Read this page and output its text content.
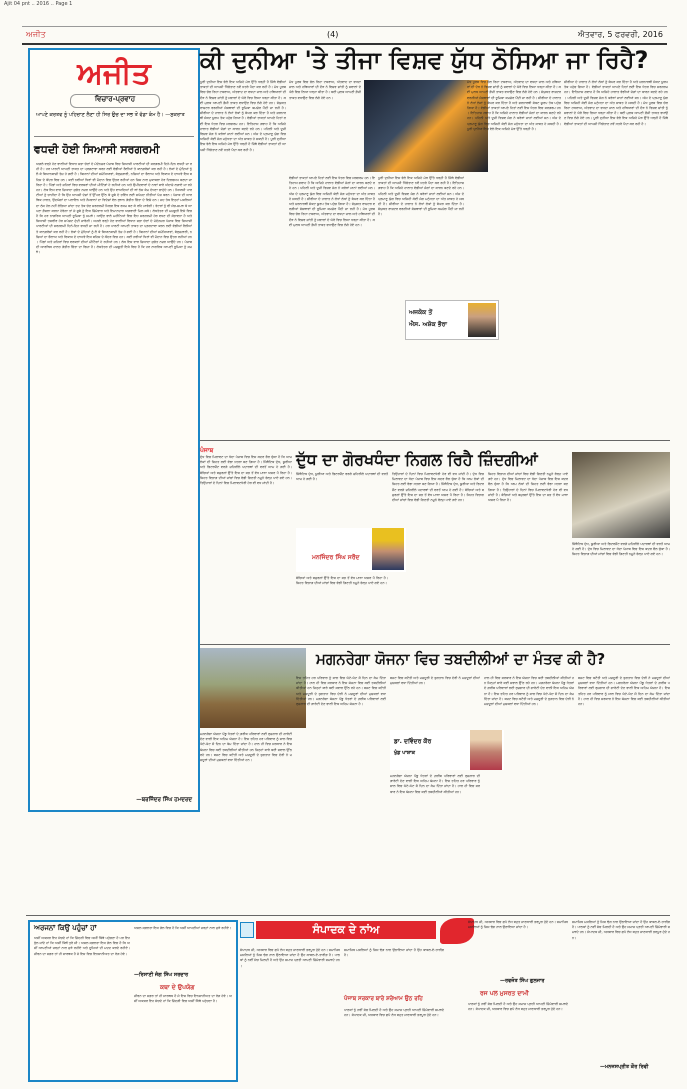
Ajit 04 pnt .. 2016 .. Page 1
ਅਜੀਤ	(4)	ਐਤਵਾਰ, 5 ਫਰਵਰੀ, 2016
ਅਜੀਤ
ਵਿਚਾਰ-ਪ੍ਰਵਾਹ
ਆਪਣੇ ਕਰਤਵ ਨੂੰ ਪਹਿਚਾਣ ਲੈਣਾ ਹੀ ਸਿਰ ਉਚ ਦਾ ਸਭ ਤੋਂ ਵੱਡਾ ਕੰਮ ਹੈ। —ਸੁਕਰਾਤ
ਵਧਦੀ ਹੋਈ ਸਿਆਸੀ ਸਰਗਰਮੀ
ਅਗਲੇ ਵਰ੍ਹੇ ਹੋਣ ਵਾਲੀਆਂ ਵਿਧਾਨ ਸਭਾ ਚੋਣਾਂ ਦੇ ਮੱਦੇਨਜ਼ਰ ਪੰਜਾਬ ਵਿਚ ਸਿਆਸੀ ਪਾਰਟੀਆਂ ਦੀ ਸਰਗਰਮੀ ਦਿਨੋ-ਦਿਨ ਵਧਦੀ ਜਾ ਰਹੀ ਹੈ। ਹਰ ਪਾਰਟੀ ਆਪਣੀ ਤਾਕਤ ਦਾ ਪ੍ਰਗਟਾਵਾ ਕਰਨ ਲਈ ਵੱਡੀਆਂ ਰੈਲੀਆਂ ਤੇ ਕਾਨਫ਼ਰੰਸਾਂ ਕਰ ਰਹੀ ਹੈ। ਲੋਕਾਂ ਦੇ ਮੁੱਦਿਆਂ ਨੂੰ ਲੈ ਕੇ ਬਿਆਨਬਾਜ਼ੀ ਤੇਜ਼ ਹੋ ਗਈ ਹੈ। ਕਿਸਾਨਾਂ ਦੀਆਂ ਸਮੱਸਿਆਵਾਂ, ਬੇਰੁਜ਼ਗਾਰੀ, ਨਸ਼ਿਆਂ ਦਾ ਫੈਲਾਅ ਅਤੇ ਵਿਕਾਸ ਦੇ ਦਾਅਵੇ ਇਸ ਬਹਿਸ ਦੇ ਕੇਂਦਰ ਵਿਚ ਹਨ। ਕਈ ਨਵੀਆਂ ਧਿਰਾਂ ਵੀ ਮੈਦਾਨ ਵਿਚ ਉਤਰ ਰਹੀਆਂ ਹਨ ਜਿਸ ਨਾਲ ਮੁਕਾਬਲਾ ਹੋਰ ਦਿਲਚਸਪ ਬਣਦਾ ਜਾ ਰਿਹਾ ਹੈ। ਪਿੰਡਾਂ ਅਤੇ ਸ਼ਹਿਰਾਂ ਵਿਚ ਵਰਕਰਾਂ ਦੀਆਂ ਮੀਟਿੰਗਾਂ ਹੋ ਰਹੀਆਂ ਹਨ ਅਤੇ ਉਮੀਦਵਾਰਾਂ ਦੇ ਨਾਵਾਂ ਬਾਰੇ ਅੰਦਾਜ਼ੇ ਲਗਾਏ ਜਾ ਰਹੇ ਹਨ। ਲੋਕ ਇਸ ਵਾਰ ਜ਼ਿਆਦਾ ਸੁਚੇਤ ਨਜ਼ਰ ਆਉਂਦੇ ਹਨ ਅਤੇ ਉਹ ਵਾਅਦਿਆਂ ਦੀ ਥਾਂ ਠੋਸ ਕੰਮ ਦੇਖਣਾ ਚਾਹੁੰਦੇ ਹਨ। ਸਿਆਸੀ ਪਾਰਟੀਆਂ ਨੂੰ ਚਾਹੀਦਾ ਹੈ ਕਿ ਉਹ ਆਪਸੀ ਦੋਸ਼ਾਂ ਤੋਂ ਉੱਪਰ ਉੱਠ ਕੇ ਸੂਬੇ ਦੇ ਭਵਿੱਖ ਲਈ ਸਪੱਸ਼ਟ ਨੀਤੀਆਂ ਪੇਸ਼ ਕਰਨ। ਪੰਜਾਬ ਦੀ ਆਰਥਿਕ ਹਾਲਤ, ਉਦਯੋਗਾਂ ਦਾ ਪਲਾਇਨ ਅਤੇ ਨੌਜਵਾਨਾਂ ਦਾ ਵਿਦੇਸ਼ਾਂ ਵੱਲ ਰੁਝਾਨ ਗੰਭੀਰ ਚਿੰਤਾ ਦੇ ਵਿਸ਼ੇ ਹਨ। ਜਦ ਤੱਕ ਇਨ੍ਹਾਂ ਮਸਲਿਆਂ ਦਾ ਠੋਸ ਹੱਲ ਨਹੀਂ ਲੱਭਿਆ ਜਾਂਦਾ ਤਦ ਤੱਕ ਚੋਣ ਸਰਗਰਮੀ ਸਿਰਫ਼ ਇਕ ਰਸਮ ਬਣ ਕੇ ਰਹਿ ਜਾਵੇਗੀ। ਵੋਟਰਾਂ ਨੂੰ ਵੀ ਸੋਚ-ਸਮਝ ਕੇ ਆਪਣਾ ਫ਼ੈਸਲਾ ਕਰਨਾ ਹੋਵੇਗਾ ਤਾਂ ਜੋ ਸੂਬੇ ਨੂੰ ਇਕ ਜ਼ਿੰਮੇਵਾਰ ਅਤੇ ਇਮਾਨਦਾਰ ਅਗਵਾਈ ਮਿਲ ਸਕੇ। ਲੋਕਤੰਤਰ ਦੀ ਮਜ਼ਬੂਤੀ ਇਸੇ ਵਿਚ ਹੈ ਕਿ ਹਰ ਨਾਗਰਿਕ ਆਪਣੀ ਭੂਮਿਕਾ ਨੂੰ ਸਮਝੇ। ਆਉਣ ਵਾਲੇ ਮਹੀਨਿਆਂ ਵਿਚ ਇਹ ਸਰਗਰਮੀ ਹੋਰ ਵਧਣ ਦੀ ਸੰਭਾਵਨਾ ਹੈ ਅਤੇ ਸਿਆਸੀ ਤਸਵੀਰ ਹੋਰ ਸਪੱਸ਼ਟ ਹੁੰਦੀ ਜਾਵੇਗੀ। ਅਗਲੇ ਵਰ੍ਹੇ ਹੋਣ ਵਾਲੀਆਂ ਵਿਧਾਨ ਸਭਾ ਚੋਣਾਂ ਦੇ ਮੱਦੇਨਜ਼ਰ ਪੰਜਾਬ ਵਿਚ ਸਿਆਸੀ ਪਾਰਟੀਆਂ ਦੀ ਸਰਗਰਮੀ ਦਿਨੋ-ਦਿਨ ਵਧਦੀ ਜਾ ਰਹੀ ਹੈ। ਹਰ ਪਾਰਟੀ ਆਪਣੀ ਤਾਕਤ ਦਾ ਪ੍ਰਗਟਾਵਾ ਕਰਨ ਲਈ ਵੱਡੀਆਂ ਰੈਲੀਆਂ ਤੇ ਕਾਨਫ਼ਰੰਸਾਂ ਕਰ ਰਹੀ ਹੈ। ਲੋਕਾਂ ਦੇ ਮੁੱਦਿਆਂ ਨੂੰ ਲੈ ਕੇ ਬਿਆਨਬਾਜ਼ੀ ਤੇਜ਼ ਹੋ ਗਈ ਹੈ। ਕਿਸਾਨਾਂ ਦੀਆਂ ਸਮੱਸਿਆਵਾਂ, ਬੇਰੁਜ਼ਗਾਰੀ, ਨਸ਼ਿਆਂ ਦਾ ਫੈਲਾਅ ਅਤੇ ਵਿਕਾਸ ਦੇ ਦਾਅਵੇ ਇਸ ਬਹਿਸ ਦੇ ਕੇਂਦਰ ਵਿਚ ਹਨ। ਕਈ ਨਵੀਆਂ ਧਿਰਾਂ ਵੀ ਮੈਦਾਨ ਵਿਚ ਉਤਰ ਰਹੀਆਂ ਹਨ। ਪਿੰਡਾਂ ਅਤੇ ਸ਼ਹਿਰਾਂ ਵਿਚ ਵਰਕਰਾਂ ਦੀਆਂ ਮੀਟਿੰਗਾਂ ਹੋ ਰਹੀਆਂ ਹਨ। ਲੋਕ ਇਸ ਵਾਰ ਜ਼ਿਆਦਾ ਸੁਚੇਤ ਨਜ਼ਰ ਆਉਂਦੇ ਹਨ। ਪੰਜਾਬ ਦੀ ਆਰਥਿਕ ਹਾਲਤ ਗੰਭੀਰ ਚਿੰਤਾ ਦਾ ਵਿਸ਼ਾ ਹੈ। ਲੋਕਤੰਤਰ ਦੀ ਮਜ਼ਬੂਤੀ ਇਸੇ ਵਿਚ ਹੈ ਕਿ ਹਰ ਨਾਗਰਿਕ ਆਪਣੀ ਭੂਮਿਕਾ ਨੂੰ ਸਮਝੇ।
—ਬਰਜਿੰਦਰ ਸਿੰਘ ਹਮਦਰਦ
ਕੀ ਦੁਨੀਆ 'ਤੇ ਤੀਜਾ ਵਿਸ਼ਵ ਯੁੱਧ ਠੋਸਿਆ ਜਾ ਰਿਹੈ?
ਪੂਰੀ ਦੁਨੀਆ ਇਸ ਵੇਲੇ ਇਕ ਅਜਿਹੇ ਮੋੜ ਉੱਤੇ ਖੜ੍ਹੀ ਹੈ ਜਿੱਥੇ ਵੱਡੀਆਂ ਤਾਕਤਾਂ ਦੀ ਆਪਸੀ ਖਿੱਚੋਤਾਣ ਨਵੇਂ ਖ਼ਤਰੇ ਪੈਦਾ ਕਰ ਰਹੀ ਹੈ। ਮੱਧ ਪੂਰਬ ਵਿਚ ਚੱਲ ਰਿਹਾ ਟਕਰਾਅ, ਅੱਤਵਾਦ ਦਾ ਵਧਦਾ ਜਾਲ ਅਤੇ ਹਥਿਆਰਾਂ ਦੀ ਦੌੜ ਨੇ ਵਿਸ਼ਵ ਸ਼ਾਂਤੀ ਨੂੰ ਸਵਾਲਾਂ ਦੇ ਘੇਰੇ ਵਿਚ ਲਿਆ ਖੜ੍ਹਾ ਕੀਤਾ ਹੈ। ਕਈ ਮੁਲਕ ਆਪਣੀ ਫ਼ੌਜੀ ਤਾਕਤ ਵਧਾਉਣ ਵਿਚ ਲੱਗੇ ਹੋਏ ਹਨ। ਸੰਯੁਕਤ ਰਾਸ਼ਟਰ ਵਰਗੀਆਂ ਸੰਸਥਾਵਾਂ ਦੀ ਭੂਮਿਕਾ ਕਮਜ਼ੋਰ ਪੈਂਦੀ ਜਾ ਰਹੀ ਹੈ। ਸੀਰੀਆ ਦੇ ਹਾਲਾਤ ਨੇ ਲੱਖਾਂ ਲੋਕਾਂ ਨੂੰ ਬੇਘਰ ਕਰ ਦਿੱਤਾ ਹੈ ਅਤੇ ਸ਼ਰਨਾਰਥੀ ਸੰਕਟ ਯੂਰਪ ਤੱਕ ਪਹੁੰਚ ਗਿਆ ਹੈ। ਵੱਡੀਆਂ ਤਾਕਤਾਂ ਆਪਣੇ ਹਿਤਾਂ ਲਈ ਇਸ ਖੇਤਰ ਵਿਚ ਸਰਗਰਮ ਹਨ। ਇਤਿਹਾਸ ਗਵਾਹ ਹੈ ਕਿ ਅਜਿਹੇ ਹਾਲਾਤ ਵੱਡੀਆਂ ਜੰਗਾਂ ਦਾ ਕਾਰਨ ਬਣਦੇ ਰਹੇ ਹਨ। ਪਹਿਲੀ ਅਤੇ ਦੂਜੀ ਵਿਸ਼ਵ ਜੰਗ ਨੇ ਕਰੋੜਾਂ ਜਾਨਾਂ ਲਈਆਂ ਸਨ। ਅੱਜ ਦੇ ਪ੍ਰਮਾਣੂ ਯੁੱਗ ਵਿਚ ਅਜਿਹੀ ਕੋਈ ਜੰਗ ਮਨੁੱਖਤਾ ਦਾ ਅੰਤ ਸਾਬਤ ਹੋ ਸਕਦੀ ਹੈ। ਪੂਰੀ ਦੁਨੀਆ ਇਸ ਵੇਲੇ ਇਕ ਅਜਿਹੇ ਮੋੜ ਉੱਤੇ ਖੜ੍ਹੀ ਹੈ ਜਿੱਥੇ ਵੱਡੀਆਂ ਤਾਕਤਾਂ ਦੀ ਆਪਸੀ ਖਿੱਚੋਤਾਣ ਨਵੇਂ ਖ਼ਤਰੇ ਪੈਦਾ ਕਰ ਰਹੀ ਹੈ।
ਮੱਧ ਪੂਰਬ ਵਿਚ ਚੱਲ ਰਿਹਾ ਟਕਰਾਅ, ਅੱਤਵਾਦ ਦਾ ਵਧਦਾ ਜਾਲ ਅਤੇ ਹਥਿਆਰਾਂ ਦੀ ਦੌੜ ਨੇ ਵਿਸ਼ਵ ਸ਼ਾਂਤੀ ਨੂੰ ਸਵਾਲਾਂ ਦੇ ਘੇਰੇ ਵਿਚ ਲਿਆ ਖੜ੍ਹਾ ਕੀਤਾ ਹੈ। ਕਈ ਮੁਲਕ ਆਪਣੀ ਫ਼ੌਜੀ ਤਾਕਤ ਵਧਾਉਣ ਵਿਚ ਲੱਗੇ ਹੋਏ ਹਨ।
ਵੱਡੀਆਂ ਤਾਕਤਾਂ ਆਪਣੇ ਹਿਤਾਂ ਲਈ ਇਸ ਖੇਤਰ ਵਿਚ ਸਰਗਰਮ ਹਨ। ਇਤਿਹਾਸ ਗਵਾਹ ਹੈ ਕਿ ਅਜਿਹੇ ਹਾਲਾਤ ਵੱਡੀਆਂ ਜੰਗਾਂ ਦਾ ਕਾਰਨ ਬਣਦੇ ਰਹੇ ਹਨ। ਪਹਿਲੀ ਅਤੇ ਦੂਜੀ ਵਿਸ਼ਵ ਜੰਗ ਨੇ ਕਰੋੜਾਂ ਜਾਨਾਂ ਲਈਆਂ ਸਨ। ਅੱਜ ਦੇ ਪ੍ਰਮਾਣੂ ਯੁੱਗ ਵਿਚ ਅਜਿਹੀ ਕੋਈ ਜੰਗ ਮਨੁੱਖਤਾ ਦਾ ਅੰਤ ਸਾਬਤ ਹੋ ਸਕਦੀ ਹੈ। ਸੀਰੀਆ ਦੇ ਹਾਲਾਤ ਨੇ ਲੱਖਾਂ ਲੋਕਾਂ ਨੂੰ ਬੇਘਰ ਕਰ ਦਿੱਤਾ ਹੈ ਅਤੇ ਸ਼ਰਨਾਰਥੀ ਸੰਕਟ ਯੂਰਪ ਤੱਕ ਪਹੁੰਚ ਗਿਆ ਹੈ। ਸੰਯੁਕਤ ਰਾਸ਼ਟਰ ਵਰਗੀਆਂ ਸੰਸਥਾਵਾਂ ਦੀ ਭੂਮਿਕਾ ਕਮਜ਼ੋਰ ਪੈਂਦੀ ਜਾ ਰਹੀ ਹੈ। ਮੱਧ ਪੂਰਬ ਵਿਚ ਚੱਲ ਰਿਹਾ ਟਕਰਾਅ, ਅੱਤਵਾਦ ਦਾ ਵਧਦਾ ਜਾਲ ਅਤੇ ਹਥਿਆਰਾਂ ਦੀ ਦੌੜ ਨੇ ਵਿਸ਼ਵ ਸ਼ਾਂਤੀ ਨੂੰ ਸਵਾਲਾਂ ਦੇ ਘੇਰੇ ਵਿਚ ਲਿਆ ਖੜ੍ਹਾ ਕੀਤਾ ਹੈ। ਕਈ ਮੁਲਕ ਆਪਣੀ ਫ਼ੌਜੀ ਤਾਕਤ ਵਧਾਉਣ ਵਿਚ ਲੱਗੇ ਹੋਏ ਹਨ।
ਪੂਰੀ ਦੁਨੀਆ ਇਸ ਵੇਲੇ ਇਕ ਅਜਿਹੇ ਮੋੜ ਉੱਤੇ ਖੜ੍ਹੀ ਹੈ ਜਿੱਥੇ ਵੱਡੀਆਂ ਤਾਕਤਾਂ ਦੀ ਆਪਸੀ ਖਿੱਚੋਤਾਣ ਨਵੇਂ ਖ਼ਤਰੇ ਪੈਦਾ ਕਰ ਰਹੀ ਹੈ। ਇਤਿਹਾਸ ਗਵਾਹ ਹੈ ਕਿ ਅਜਿਹੇ ਹਾਲਾਤ ਵੱਡੀਆਂ ਜੰਗਾਂ ਦਾ ਕਾਰਨ ਬਣਦੇ ਰਹੇ ਹਨ। ਪਹਿਲੀ ਅਤੇ ਦੂਜੀ ਵਿਸ਼ਵ ਜੰਗ ਨੇ ਕਰੋੜਾਂ ਜਾਨਾਂ ਲਈਆਂ ਸਨ। ਅੱਜ ਦੇ ਪ੍ਰਮਾਣੂ ਯੁੱਗ ਵਿਚ ਅਜਿਹੀ ਕੋਈ ਜੰਗ ਮਨੁੱਖਤਾ ਦਾ ਅੰਤ ਸਾਬਤ ਹੋ ਸਕਦੀ ਹੈ। ਸੀਰੀਆ ਦੇ ਹਾਲਾਤ ਨੇ ਲੱਖਾਂ ਲੋਕਾਂ ਨੂੰ ਬੇਘਰ ਕਰ ਦਿੱਤਾ ਹੈ। ਸੰਯੁਕਤ ਰਾਸ਼ਟਰ ਵਰਗੀਆਂ ਸੰਸਥਾਵਾਂ ਦੀ ਭੂਮਿਕਾ ਕਮਜ਼ੋਰ ਪੈਂਦੀ ਜਾ ਰਹੀ ਹੈ।
ਅਜਕੋਕ ਤੋਂ
ਐਸ. ਅਸ਼ੋਕ ਭੌਰਾ
ਮੱਧ ਪੂਰਬ ਵਿਚ ਚੱਲ ਰਿਹਾ ਟਕਰਾਅ, ਅੱਤਵਾਦ ਦਾ ਵਧਦਾ ਜਾਲ ਅਤੇ ਹਥਿਆਰਾਂ ਦੀ ਦੌੜ ਨੇ ਵਿਸ਼ਵ ਸ਼ਾਂਤੀ ਨੂੰ ਸਵਾਲਾਂ ਦੇ ਘੇਰੇ ਵਿਚ ਲਿਆ ਖੜ੍ਹਾ ਕੀਤਾ ਹੈ। ਕਈ ਮੁਲਕ ਆਪਣੀ ਫ਼ੌਜੀ ਤਾਕਤ ਵਧਾਉਣ ਵਿਚ ਲੱਗੇ ਹੋਏ ਹਨ। ਸੰਯੁਕਤ ਰਾਸ਼ਟਰ ਵਰਗੀਆਂ ਸੰਸਥਾਵਾਂ ਦੀ ਭੂਮਿਕਾ ਕਮਜ਼ੋਰ ਪੈਂਦੀ ਜਾ ਰਹੀ ਹੈ। ਸੀਰੀਆ ਦੇ ਹਾਲਾਤ ਨੇ ਲੱਖਾਂ ਲੋਕਾਂ ਨੂੰ ਬੇਘਰ ਕਰ ਦਿੱਤਾ ਹੈ ਅਤੇ ਸ਼ਰਨਾਰਥੀ ਸੰਕਟ ਯੂਰਪ ਤੱਕ ਪਹੁੰਚ ਗਿਆ ਹੈ। ਵੱਡੀਆਂ ਤਾਕਤਾਂ ਆਪਣੇ ਹਿਤਾਂ ਲਈ ਇਸ ਖੇਤਰ ਵਿਚ ਸਰਗਰਮ ਹਨ। ਇਤਿਹਾਸ ਗਵਾਹ ਹੈ ਕਿ ਅਜਿਹੇ ਹਾਲਾਤ ਵੱਡੀਆਂ ਜੰਗਾਂ ਦਾ ਕਾਰਨ ਬਣਦੇ ਰਹੇ ਹਨ। ਪਹਿਲੀ ਅਤੇ ਦੂਜੀ ਵਿਸ਼ਵ ਜੰਗ ਨੇ ਕਰੋੜਾਂ ਜਾਨਾਂ ਲਈਆਂ ਸਨ। ਅੱਜ ਦੇ ਪ੍ਰਮਾਣੂ ਯੁੱਗ ਵਿਚ ਅਜਿਹੀ ਕੋਈ ਜੰਗ ਮਨੁੱਖਤਾ ਦਾ ਅੰਤ ਸਾਬਤ ਹੋ ਸਕਦੀ ਹੈ। ਪੂਰੀ ਦੁਨੀਆ ਇਸ ਵੇਲੇ ਇਕ ਅਜਿਹੇ ਮੋੜ ਉੱਤੇ ਖੜ੍ਹੀ ਹੈ।
ਸੀਰੀਆ ਦੇ ਹਾਲਾਤ ਨੇ ਲੱਖਾਂ ਲੋਕਾਂ ਨੂੰ ਬੇਘਰ ਕਰ ਦਿੱਤਾ ਹੈ ਅਤੇ ਸ਼ਰਨਾਰਥੀ ਸੰਕਟ ਯੂਰਪ ਤੱਕ ਪਹੁੰਚ ਗਿਆ ਹੈ। ਵੱਡੀਆਂ ਤਾਕਤਾਂ ਆਪਣੇ ਹਿਤਾਂ ਲਈ ਇਸ ਖੇਤਰ ਵਿਚ ਸਰਗਰਮ ਹਨ। ਇਤਿਹਾਸ ਗਵਾਹ ਹੈ ਕਿ ਅਜਿਹੇ ਹਾਲਾਤ ਵੱਡੀਆਂ ਜੰਗਾਂ ਦਾ ਕਾਰਨ ਬਣਦੇ ਰਹੇ ਹਨ। ਪਹਿਲੀ ਅਤੇ ਦੂਜੀ ਵਿਸ਼ਵ ਜੰਗ ਨੇ ਕਰੋੜਾਂ ਜਾਨਾਂ ਲਈਆਂ ਸਨ। ਅੱਜ ਦੇ ਪ੍ਰਮਾਣੂ ਯੁੱਗ ਵਿਚ ਅਜਿਹੀ ਕੋਈ ਜੰਗ ਮਨੁੱਖਤਾ ਦਾ ਅੰਤ ਸਾਬਤ ਹੋ ਸਕਦੀ ਹੈ। ਮੱਧ ਪੂਰਬ ਵਿਚ ਚੱਲ ਰਿਹਾ ਟਕਰਾਅ, ਅੱਤਵਾਦ ਦਾ ਵਧਦਾ ਜਾਲ ਅਤੇ ਹਥਿਆਰਾਂ ਦੀ ਦੌੜ ਨੇ ਵਿਸ਼ਵ ਸ਼ਾਂਤੀ ਨੂੰ ਸਵਾਲਾਂ ਦੇ ਘੇਰੇ ਵਿਚ ਲਿਆ ਖੜ੍ਹਾ ਕੀਤਾ ਹੈ। ਕਈ ਮੁਲਕ ਆਪਣੀ ਫ਼ੌਜੀ ਤਾਕਤ ਵਧਾਉਣ ਵਿਚ ਲੱਗੇ ਹੋਏ ਹਨ। ਪੂਰੀ ਦੁਨੀਆ ਇਸ ਵੇਲੇ ਇਕ ਅਜਿਹੇ ਮੋੜ ਉੱਤੇ ਖੜ੍ਹੀ ਹੈ ਜਿੱਥੇ ਵੱਡੀਆਂ ਤਾਕਤਾਂ ਦੀ ਆਪਸੀ ਖਿੱਚੋਤਾਣ ਨਵੇਂ ਖ਼ਤਰੇ ਪੈਦਾ ਕਰ ਰਹੀ ਹੈ।
ਪੰਜਾਬ	ਦੁੱਧ ਦਾ ਗੋਰਖਧੰਦਾ ਨਿਗਲ ਰਿਹੈ ਜ਼ਿੰਦਗੀਆਂ
ਦੁੱਧ ਵਿਚ ਮਿਲਾਵਟ ਦਾ ਧੰਦਾ ਪੰਜਾਬ ਵਿਚ ਇਸ ਕਦਰ ਫੈਲ ਚੁੱਕਾ ਹੈ ਕਿ ਆਮ ਲੋਕਾਂ ਦੀ ਸਿਹਤ ਲਈ ਵੱਡਾ ਖ਼ਤਰਾ ਬਣ ਗਿਆ ਹੈ। ਸਿੰਥੈਟਿਕ ਦੁੱਧ, ਯੂਰੀਆ ਅਤੇ ਡਿਟਰਜੈਂਟ ਵਰਗੇ ਜ਼ਹਿਰੀਲੇ ਪਦਾਰਥਾਂ ਦੀ ਵਰਤੋਂ ਆਮ ਹੋ ਗਈ ਹੈ। ਬੱਚਿਆਂ ਅਤੇ ਬਜ਼ੁਰਗਾਂ ਉੱਤੇ ਇਸ ਦਾ ਸਭ ਤੋਂ ਵੱਧ ਮਾੜਾ ਅਸਰ ਪੈ ਰਿਹਾ ਹੈ। ਸਿਹਤ ਵਿਭਾਗ ਦੀਆਂ ਜਾਂਚਾਂ ਵਿਚ ਵੱਡੀ ਗਿਣਤੀ ਨਮੂਨੇ ਫੇਲ੍ਹ ਪਾਏ ਗਏ ਹਨ। ਤਿਉਹਾਰਾਂ ਦੇ ਦਿਨਾਂ ਵਿਚ ਮਿਲਾਵਟਖੋਰੀ ਹੋਰ ਵੀ ਵਧ ਜਾਂਦੀ ਹੈ।
ਸਿੰਥੈਟਿਕ ਦੁੱਧ, ਯੂਰੀਆ ਅਤੇ ਡਿਟਰਜੈਂਟ ਵਰਗੇ ਜ਼ਹਿਰੀਲੇ ਪਦਾਰਥਾਂ ਦੀ ਵਰਤੋਂ ਆਮ ਹੋ ਗਈ ਹੈ।
ਮਨਜਿੰਦਰ ਸਿੰਘ ਸਰੌਦ
ਬੱਚਿਆਂ ਅਤੇ ਬਜ਼ੁਰਗਾਂ ਉੱਤੇ ਇਸ ਦਾ ਸਭ ਤੋਂ ਵੱਧ ਮਾੜਾ ਅਸਰ ਪੈ ਰਿਹਾ ਹੈ। ਸਿਹਤ ਵਿਭਾਗ ਦੀਆਂ ਜਾਂਚਾਂ ਵਿਚ ਵੱਡੀ ਗਿਣਤੀ ਨਮੂਨੇ ਫੇਲ੍ਹ ਪਾਏ ਗਏ ਹਨ।
ਤਿਉਹਾਰਾਂ ਦੇ ਦਿਨਾਂ ਵਿਚ ਮਿਲਾਵਟਖੋਰੀ ਹੋਰ ਵੀ ਵਧ ਜਾਂਦੀ ਹੈ। ਦੁੱਧ ਵਿਚ ਮਿਲਾਵਟ ਦਾ ਧੰਦਾ ਪੰਜਾਬ ਵਿਚ ਇਸ ਕਦਰ ਫੈਲ ਚੁੱਕਾ ਹੈ ਕਿ ਆਮ ਲੋਕਾਂ ਦੀ ਸਿਹਤ ਲਈ ਵੱਡਾ ਖ਼ਤਰਾ ਬਣ ਗਿਆ ਹੈ। ਸਿੰਥੈਟਿਕ ਦੁੱਧ, ਯੂਰੀਆ ਅਤੇ ਡਿਟਰਜੈਂਟ ਵਰਗੇ ਜ਼ਹਿਰੀਲੇ ਪਦਾਰਥਾਂ ਦੀ ਵਰਤੋਂ ਆਮ ਹੋ ਗਈ ਹੈ। ਬੱਚਿਆਂ ਅਤੇ ਬਜ਼ੁਰਗਾਂ ਉੱਤੇ ਇਸ ਦਾ ਸਭ ਤੋਂ ਵੱਧ ਮਾੜਾ ਅਸਰ ਪੈ ਰਿਹਾ ਹੈ। ਸਿਹਤ ਵਿਭਾਗ ਦੀਆਂ ਜਾਂਚਾਂ ਵਿਚ ਵੱਡੀ ਗਿਣਤੀ ਨਮੂਨੇ ਫੇਲ੍ਹ ਪਾਏ ਗਏ ਹਨ।
ਸਿਹਤ ਵਿਭਾਗ ਦੀਆਂ ਜਾਂਚਾਂ ਵਿਚ ਵੱਡੀ ਗਿਣਤੀ ਨਮੂਨੇ ਫੇਲ੍ਹ ਪਾਏ ਗਏ ਹਨ। ਦੁੱਧ ਵਿਚ ਮਿਲਾਵਟ ਦਾ ਧੰਦਾ ਪੰਜਾਬ ਵਿਚ ਇਸ ਕਦਰ ਫੈਲ ਚੁੱਕਾ ਹੈ ਕਿ ਆਮ ਲੋਕਾਂ ਦੀ ਸਿਹਤ ਲਈ ਵੱਡਾ ਖ਼ਤਰਾ ਬਣ ਗਿਆ ਹੈ। ਤਿਉਹਾਰਾਂ ਦੇ ਦਿਨਾਂ ਵਿਚ ਮਿਲਾਵਟਖੋਰੀ ਹੋਰ ਵੀ ਵਧ ਜਾਂਦੀ ਹੈ। ਬੱਚਿਆਂ ਅਤੇ ਬਜ਼ੁਰਗਾਂ ਉੱਤੇ ਇਸ ਦਾ ਸਭ ਤੋਂ ਵੱਧ ਮਾੜਾ ਅਸਰ ਪੈ ਰਿਹਾ ਹੈ।
ਸਿੰਥੈਟਿਕ ਦੁੱਧ, ਯੂਰੀਆ ਅਤੇ ਡਿਟਰਜੈਂਟ ਵਰਗੇ ਜ਼ਹਿਰੀਲੇ ਪਦਾਰਥਾਂ ਦੀ ਵਰਤੋਂ ਆਮ ਹੋ ਗਈ ਹੈ। ਦੁੱਧ ਵਿਚ ਮਿਲਾਵਟ ਦਾ ਧੰਦਾ ਪੰਜਾਬ ਵਿਚ ਇਸ ਕਦਰ ਫੈਲ ਚੁੱਕਾ ਹੈ। ਸਿਹਤ ਵਿਭਾਗ ਦੀਆਂ ਜਾਂਚਾਂ ਵਿਚ ਵੱਡੀ ਗਿਣਤੀ ਨਮੂਨੇ ਫੇਲ੍ਹ ਪਾਏ ਗਏ ਹਨ।
ਮਗਨਰੇਗਾ ਯੋਜਨਾ ਵਿਚ ਤਬਦੀਲੀਆਂ ਦਾ ਮੰਤਵ ਕੀ ਹੈ?
ਮਗਨਰੇਗਾ ਯੋਜਨਾ ਪੇਂਡੂ ਖੇਤਰਾਂ ਦੇ ਗ਼ਰੀਬ ਪਰਿਵਾਰਾਂ ਲਈ ਰੁਜ਼ਗਾਰ ਦੀ ਗਾਰੰਟੀ ਦੇਣ ਵਾਲੀ ਇਕ ਅਹਿਮ ਯੋਜਨਾ ਹੈ। ਇਸ ਤਹਿਤ ਹਰ ਪਰਿਵਾਰ ਨੂੰ ਸਾਲ ਵਿਚ ਘੱਟੋ-ਘੱਟ ਸੌ ਦਿਨ ਦਾ ਕੰਮ ਦਿੱਤਾ ਜਾਂਦਾ ਹੈ। ਹਾਲ ਹੀ ਵਿਚ ਸਰਕਾਰ ਨੇ ਇਸ ਯੋਜਨਾ ਵਿਚ ਕਈ ਤਬਦੀਲੀਆਂ ਕੀਤੀਆਂ ਹਨ ਜਿਨ੍ਹਾਂ ਬਾਰੇ ਕਈ ਸਵਾਲ ਉੱਠ ਰਹੇ ਹਨ। ਬਜਟ ਵਿਚ ਕਟੌਤੀ ਅਤੇ ਮਜ਼ਦੂਰੀ ਦੇ ਭੁਗਤਾਨ ਵਿਚ ਦੇਰੀ ਨੇ ਮਜ਼ਦੂਰਾਂ ਦੀਆਂ ਮੁਸ਼ਕਲਾਂ ਵਧਾ ਦਿੱਤੀਆਂ ਹਨ।
ਇਸ ਤਹਿਤ ਹਰ ਪਰਿਵਾਰ ਨੂੰ ਸਾਲ ਵਿਚ ਘੱਟੋ-ਘੱਟ ਸੌ ਦਿਨ ਦਾ ਕੰਮ ਦਿੱਤਾ ਜਾਂਦਾ ਹੈ। ਹਾਲ ਹੀ ਵਿਚ ਸਰਕਾਰ ਨੇ ਇਸ ਯੋਜਨਾ ਵਿਚ ਕਈ ਤਬਦੀਲੀਆਂ ਕੀਤੀਆਂ ਹਨ ਜਿਨ੍ਹਾਂ ਬਾਰੇ ਕਈ ਸਵਾਲ ਉੱਠ ਰਹੇ ਹਨ। ਬਜਟ ਵਿਚ ਕਟੌਤੀ ਅਤੇ ਮਜ਼ਦੂਰੀ ਦੇ ਭੁਗਤਾਨ ਵਿਚ ਦੇਰੀ ਨੇ ਮਜ਼ਦੂਰਾਂ ਦੀਆਂ ਮੁਸ਼ਕਲਾਂ ਵਧਾ ਦਿੱਤੀਆਂ ਹਨ। ਮਗਨਰੇਗਾ ਯੋਜਨਾ ਪੇਂਡੂ ਖੇਤਰਾਂ ਦੇ ਗ਼ਰੀਬ ਪਰਿਵਾਰਾਂ ਲਈ ਰੁਜ਼ਗਾਰ ਦੀ ਗਾਰੰਟੀ ਦੇਣ ਵਾਲੀ ਇਕ ਅਹਿਮ ਯੋਜਨਾ ਹੈ।
ਬਜਟ ਵਿਚ ਕਟੌਤੀ ਅਤੇ ਮਜ਼ਦੂਰੀ ਦੇ ਭੁਗਤਾਨ ਵਿਚ ਦੇਰੀ ਨੇ ਮਜ਼ਦੂਰਾਂ ਦੀਆਂ ਮੁਸ਼ਕਲਾਂ ਵਧਾ ਦਿੱਤੀਆਂ ਹਨ।
ਡਾ. ਦਵਿੰਦਰ ਕੌਰ
ਖੁੰਡ ਪਾਸ਼ਾਕ
ਮਗਨਰੇਗਾ ਯੋਜਨਾ ਪੇਂਡੂ ਖੇਤਰਾਂ ਦੇ ਗ਼ਰੀਬ ਪਰਿਵਾਰਾਂ ਲਈ ਰੁਜ਼ਗਾਰ ਦੀ ਗਾਰੰਟੀ ਦੇਣ ਵਾਲੀ ਇਕ ਅਹਿਮ ਯੋਜਨਾ ਹੈ। ਇਸ ਤਹਿਤ ਹਰ ਪਰਿਵਾਰ ਨੂੰ ਸਾਲ ਵਿਚ ਘੱਟੋ-ਘੱਟ ਸੌ ਦਿਨ ਦਾ ਕੰਮ ਦਿੱਤਾ ਜਾਂਦਾ ਹੈ। ਹਾਲ ਹੀ ਵਿਚ ਸਰਕਾਰ ਨੇ ਇਸ ਯੋਜਨਾ ਵਿਚ ਕਈ ਤਬਦੀਲੀਆਂ ਕੀਤੀਆਂ ਹਨ।
ਹਾਲ ਹੀ ਵਿਚ ਸਰਕਾਰ ਨੇ ਇਸ ਯੋਜਨਾ ਵਿਚ ਕਈ ਤਬਦੀਲੀਆਂ ਕੀਤੀਆਂ ਹਨ ਜਿਨ੍ਹਾਂ ਬਾਰੇ ਕਈ ਸਵਾਲ ਉੱਠ ਰਹੇ ਹਨ। ਮਗਨਰੇਗਾ ਯੋਜਨਾ ਪੇਂਡੂ ਖੇਤਰਾਂ ਦੇ ਗ਼ਰੀਬ ਪਰਿਵਾਰਾਂ ਲਈ ਰੁਜ਼ਗਾਰ ਦੀ ਗਾਰੰਟੀ ਦੇਣ ਵਾਲੀ ਇਕ ਅਹਿਮ ਯੋਜਨਾ ਹੈ। ਇਸ ਤਹਿਤ ਹਰ ਪਰਿਵਾਰ ਨੂੰ ਸਾਲ ਵਿਚ ਘੱਟੋ-ਘੱਟ ਸੌ ਦਿਨ ਦਾ ਕੰਮ ਦਿੱਤਾ ਜਾਂਦਾ ਹੈ। ਬਜਟ ਵਿਚ ਕਟੌਤੀ ਅਤੇ ਮਜ਼ਦੂਰੀ ਦੇ ਭੁਗਤਾਨ ਵਿਚ ਦੇਰੀ ਨੇ ਮਜ਼ਦੂਰਾਂ ਦੀਆਂ ਮੁਸ਼ਕਲਾਂ ਵਧਾ ਦਿੱਤੀਆਂ ਹਨ।
ਬਜਟ ਵਿਚ ਕਟੌਤੀ ਅਤੇ ਮਜ਼ਦੂਰੀ ਦੇ ਭੁਗਤਾਨ ਵਿਚ ਦੇਰੀ ਨੇ ਮਜ਼ਦੂਰਾਂ ਦੀਆਂ ਮੁਸ਼ਕਲਾਂ ਵਧਾ ਦਿੱਤੀਆਂ ਹਨ। ਮਗਨਰੇਗਾ ਯੋਜਨਾ ਪੇਂਡੂ ਖੇਤਰਾਂ ਦੇ ਗ਼ਰੀਬ ਪਰਿਵਾਰਾਂ ਲਈ ਰੁਜ਼ਗਾਰ ਦੀ ਗਾਰੰਟੀ ਦੇਣ ਵਾਲੀ ਇਕ ਅਹਿਮ ਯੋਜਨਾ ਹੈ। ਇਸ ਤਹਿਤ ਹਰ ਪਰਿਵਾਰ ਨੂੰ ਸਾਲ ਵਿਚ ਘੱਟੋ-ਘੱਟ ਸੌ ਦਿਨ ਦਾ ਕੰਮ ਦਿੱਤਾ ਜਾਂਦਾ ਹੈ। ਹਾਲ ਹੀ ਵਿਚ ਸਰਕਾਰ ਨੇ ਇਸ ਯੋਜਨਾ ਵਿਚ ਕਈ ਤਬਦੀਲੀਆਂ ਕੀਤੀਆਂ ਹਨ।
ਅਰਜਨਾਂ ਕਿਉਂ ਪਹੁੰਚਾਂ ਹਾਂ
ਅਸੀਂ ਅਕਸਰ ਇਹ ਸੋਚਦੇ ਹਾਂ ਕਿ ਜ਼ਿੰਦਗੀ ਵਿਚ ਅਸੀਂ ਕਿੱਥੇ ਪਹੁੰਚਣਾ ਹੈ ਪਰ ਇਹ ਭੁੱਲ ਜਾਂਦੇ ਹਾਂ ਕਿ ਅਸੀਂ ਕਿੱਥੋਂ ਤੁਰੇ ਸੀ। ਅਸਲ ਸਫ਼ਲਤਾ ਇਸ ਗੱਲ ਵਿਚ ਹੈ ਕਿ ਅਸੀਂ ਆਪਣੀਆਂ ਜੜ੍ਹਾਂ ਨਾਲ ਜੁੜੇ ਰਹੀਏ ਅਤੇ ਦੂਜਿਆਂ ਦੀ ਮਦਦ ਕਰਦੇ ਰਹੀਏ। ਜੀਵਨ ਦਾ ਸਫ਼ਰ ਤਾਂ ਹੀ ਸਾਰਥਕ ਹੈ ਜੇ ਇਸ ਵਿਚ ਇਨਸਾਨੀਅਤ ਦਾ ਰੰਗ ਹੋਵੇ।
ਅਸਲ ਸਫ਼ਲਤਾ ਇਸ ਗੱਲ ਵਿਚ ਹੈ ਕਿ ਅਸੀਂ ਆਪਣੀਆਂ ਜੜ੍ਹਾਂ ਨਾਲ ਜੁੜੇ ਰਹੀਏ।
—ਰਿਸਾਣੀ ਜੰਗ ਸਿੰਘ ਸਰਦਾਰ
ਕਥਾ ਦੇ ਉਪਯੋਗ
ਜੀਵਨ ਦਾ ਸਫ਼ਰ ਤਾਂ ਹੀ ਸਾਰਥਕ ਹੈ ਜੇ ਇਸ ਵਿਚ ਇਨਸਾਨੀਅਤ ਦਾ ਰੰਗ ਹੋਵੇ। ਅਸੀਂ ਅਕਸਰ ਇਹ ਸੋਚਦੇ ਹਾਂ ਕਿ ਜ਼ਿੰਦਗੀ ਵਿਚ ਅਸੀਂ ਕਿੱਥੇ ਪਹੁੰਚਣਾ ਹੈ।
ਸੰਪਾਦਕ ਦੇ ਨਾਂਅ
ਸੰਪਾਦਕ ਜੀ, ਅਖ਼ਬਾਰ ਵਿਚ ਛਪੇ ਲੇਖ ਬਹੁਤ ਜਾਣਕਾਰੀ ਭਰਪੂਰ ਹੁੰਦੇ ਹਨ। ਸਮਾਜਿਕ ਮਸਲਿਆਂ ਨੂੰ ਜਿਸ ਢੰਗ ਨਾਲ ਉਠਾਇਆ ਜਾਂਦਾ ਹੈ ਉਹ ਕਾਬਲ-ਏ-ਤਾਰੀਫ਼ ਹੈ। ਪਾਠਕਾਂ ਨੂੰ ਨਵੀਂ ਸੋਚ ਮਿਲਦੀ ਹੈ ਅਤੇ ਉਹ ਸਮਾਜ ਪ੍ਰਤੀ ਆਪਣੀ ਜ਼ਿੰਮੇਵਾਰੀ ਸਮਝਦੇ ਹਨ।
ਸਮਾਜਿਕ ਮਸਲਿਆਂ ਨੂੰ ਜਿਸ ਢੰਗ ਨਾਲ ਉਠਾਇਆ ਜਾਂਦਾ ਹੈ ਉਹ ਕਾਬਲ-ਏ-ਤਾਰੀਫ਼ ਹੈ।
ਪੰਜਾਬ ਸਰਕਾਰ ਬਾਰੇ ਸ਼ਰੇਆਮ ਉਠ ਰਹਿ
ਪਾਠਕਾਂ ਨੂੰ ਨਵੀਂ ਸੋਚ ਮਿਲਦੀ ਹੈ ਅਤੇ ਉਹ ਸਮਾਜ ਪ੍ਰਤੀ ਆਪਣੀ ਜ਼ਿੰਮੇਵਾਰੀ ਸਮਝਦੇ ਹਨ। ਸੰਪਾਦਕ ਜੀ, ਅਖ਼ਬਾਰ ਵਿਚ ਛਪੇ ਲੇਖ ਬਹੁਤ ਜਾਣਕਾਰੀ ਭਰਪੂਰ ਹੁੰਦੇ ਹਨ।
ਸੰਪਾਦਕ ਜੀ, ਅਖ਼ਬਾਰ ਵਿਚ ਛਪੇ ਲੇਖ ਬਹੁਤ ਜਾਣਕਾਰੀ ਭਰਪੂਰ ਹੁੰਦੇ ਹਨ। ਸਮਾਜਿਕ ਮਸਲਿਆਂ ਨੂੰ ਜਿਸ ਢੰਗ ਨਾਲ ਉਠਾਇਆ ਜਾਂਦਾ ਹੈ।
—ਰਵਜੋਤ ਸਿੰਘ ਗੁਲਜਾਰ
ਰਜ ਪਲ ਮੁਸਰਤ ਦਾਮੀ
ਪਾਠਕਾਂ ਨੂੰ ਨਵੀਂ ਸੋਚ ਮਿਲਦੀ ਹੈ ਅਤੇ ਉਹ ਸਮਾਜ ਪ੍ਰਤੀ ਆਪਣੀ ਜ਼ਿੰਮੇਵਾਰੀ ਸਮਝਦੇ ਹਨ। ਸੰਪਾਦਕ ਜੀ, ਅਖ਼ਬਾਰ ਵਿਚ ਛਪੇ ਲੇਖ ਬਹੁਤ ਜਾਣਕਾਰੀ ਭਰਪੂਰ ਹੁੰਦੇ ਹਨ।
ਸਮਾਜਿਕ ਮਸਲਿਆਂ ਨੂੰ ਜਿਸ ਢੰਗ ਨਾਲ ਉਠਾਇਆ ਜਾਂਦਾ ਹੈ ਉਹ ਕਾਬਲ-ਏ-ਤਾਰੀਫ਼ ਹੈ। ਪਾਠਕਾਂ ਨੂੰ ਨਵੀਂ ਸੋਚ ਮਿਲਦੀ ਹੈ ਅਤੇ ਉਹ ਸਮਾਜ ਪ੍ਰਤੀ ਆਪਣੀ ਜ਼ਿੰਮੇਵਾਰੀ ਸਮਝਦੇ ਹਨ। ਸੰਪਾਦਕ ਜੀ, ਅਖ਼ਬਾਰ ਵਿਚ ਛਪੇ ਲੇਖ ਬਹੁਤ ਜਾਣਕਾਰੀ ਭਰਪੂਰ ਹੁੰਦੇ ਹਨ।
—ਮਨਜਸਪ੍ਰੀਤ ਕੌਰ ਰਿਵੀ
